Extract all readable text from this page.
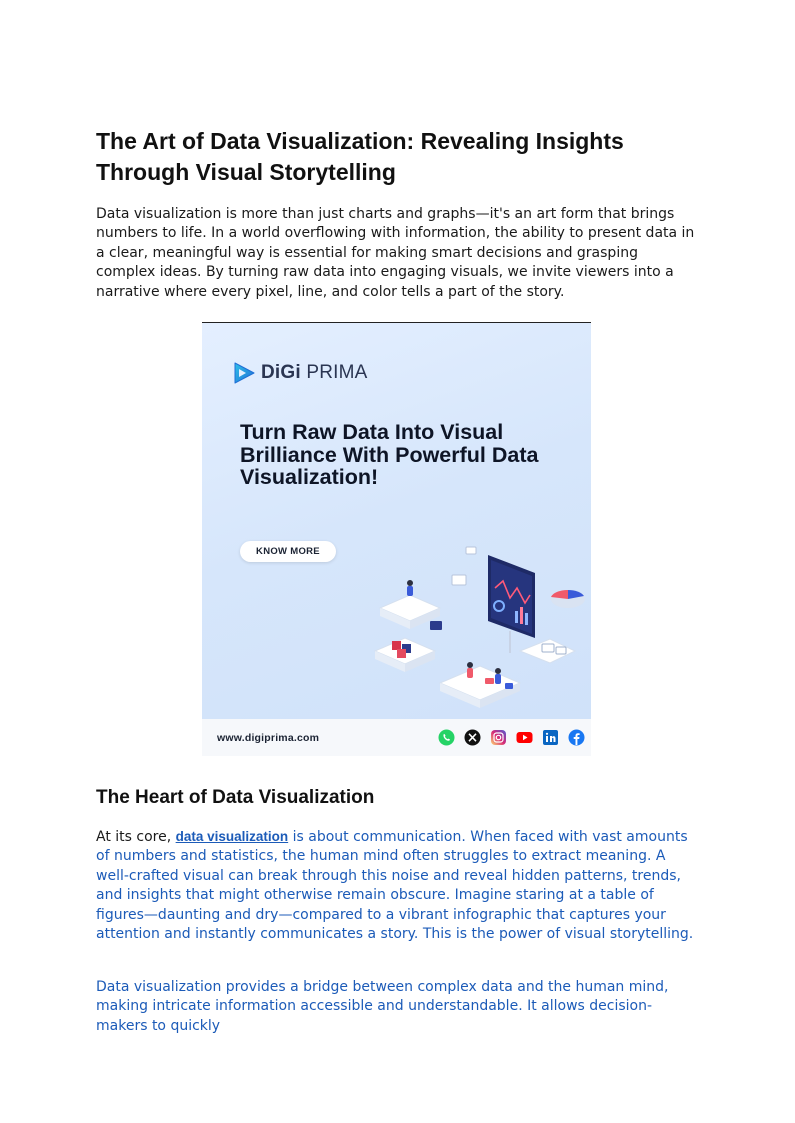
The Art of Data Visualization: Revealing Insights Through Visual Storytelling

Data visualization is more than just charts and graphs—it's an art form that brings numbers to life. In a world overflowing with information, the ability to present data in a clear, meaningful way is essential for making smart decisions and grasping complex ideas. By turning raw data into engaging visuals, we invite viewers into a narrative where every pixel, line, and color tells a part of the story.

DiGi PRIMA

Turn Raw Data Into Visual Brilliance With Powerful Data Visualization!

KNOW MORE
www.digiprima.com
The Heart of Data Visualization

At its core, data visualization is about communication. When faced with vast amounts of numbers and statistics, the human mind often struggles to extract meaning. A well-crafted visual can break through this noise and reveal hidden patterns, trends, and insights that might otherwise remain obscure. Imagine staring at a table of figures—daunting and dry—compared to a vibrant infographic that captures your attention and instantly communicates a story. This is the power of visual storytelling.

Data visualization provides a bridge between complex data and the human mind, making intricate information accessible and understandable. It allows decision-makers to quickly
